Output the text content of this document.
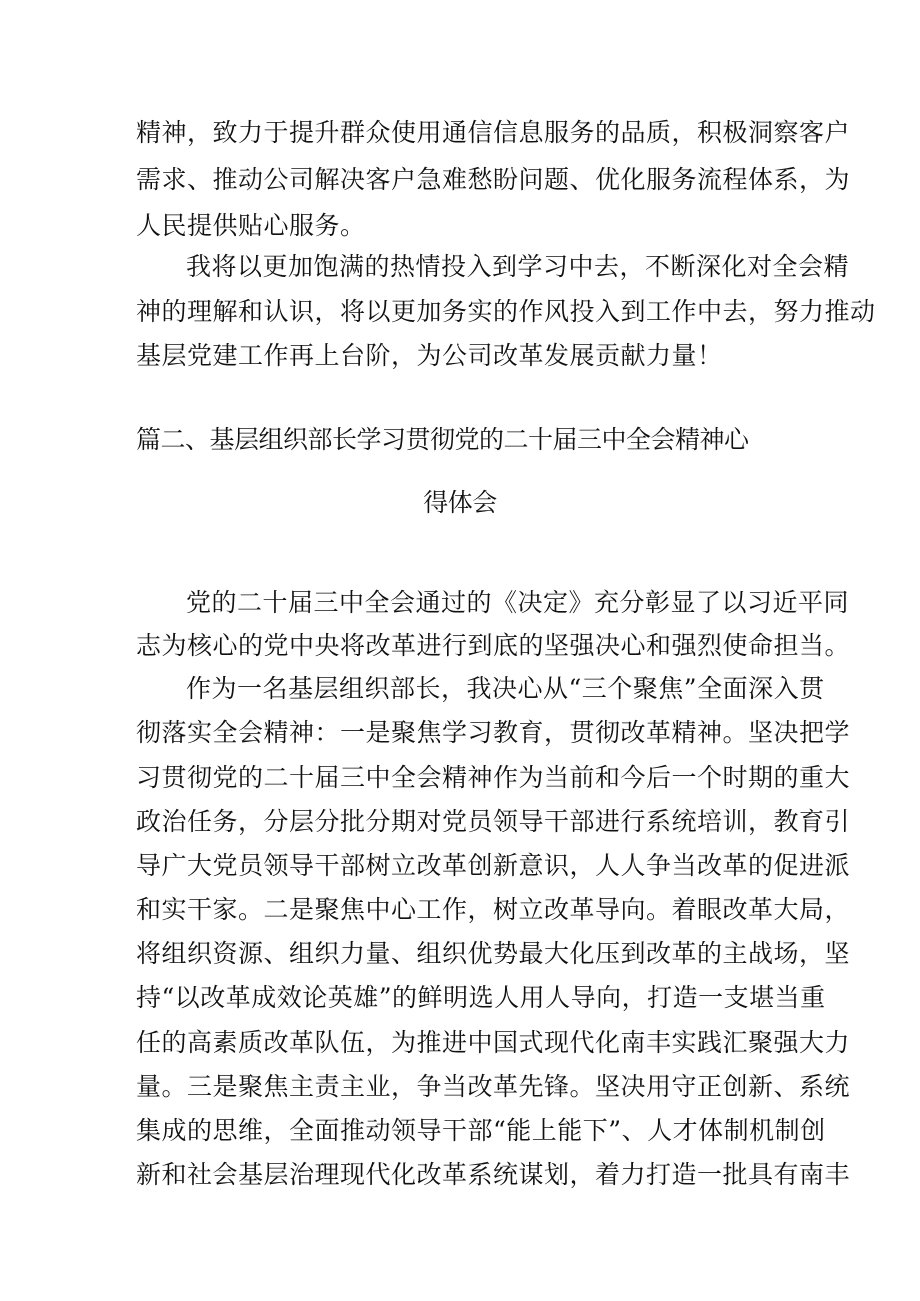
精神，致力于提升群众使用通信信息服务的品质，积极洞察客户
需求、推动公司解决客户急难愁盼问题、优化服务流程体系，为
人民提供贴心服务。
我将以更加饱满的热情投入到学习中去，不断深化对全会精
神的理解和认识，将以更加务实的作风投入到工作中去，努力推动
基层党建工作再上台阶，为公司改革发展贡献力量！
篇二、基层组织部长学习贯彻党的二十届三中全会精神心
得体会
党的二十届三中全会通过的《决定》充分彰显了以习近平同
志为核心的党中央将改革进行到底的坚强决心和强烈使命担当。
作为一名基层组织部长，我决心从“三个聚焦”全面深入贯
彻落实全会精神：一是聚焦学习教育，贯彻改革精神。坚决把学
习贯彻党的二十届三中全会精神作为当前和今后一个时期的重大
政治任务，分层分批分期对党员领导干部进行系统培训，教育引
导广大党员领导干部树立改革创新意识，人人争当改革的促进派
和实干家。二是聚焦中心工作，树立改革导向。着眼改革大局，
将组织资源、组织力量、组织优势最大化压到改革的主战场，坚
持“以改革成效论英雄”的鲜明选人用人导向，打造一支堪当重
任的高素质改革队伍，为推进中国式现代化南丰实践汇聚强大力
量。三是聚焦主责主业，争当改革先锋。坚决用守正创新、系统
集成的思维，全面推动领导干部“能上能下”、人才体制机制创
新和社会基层治理现代化改革系统谋划，着力打造一批具有南丰
